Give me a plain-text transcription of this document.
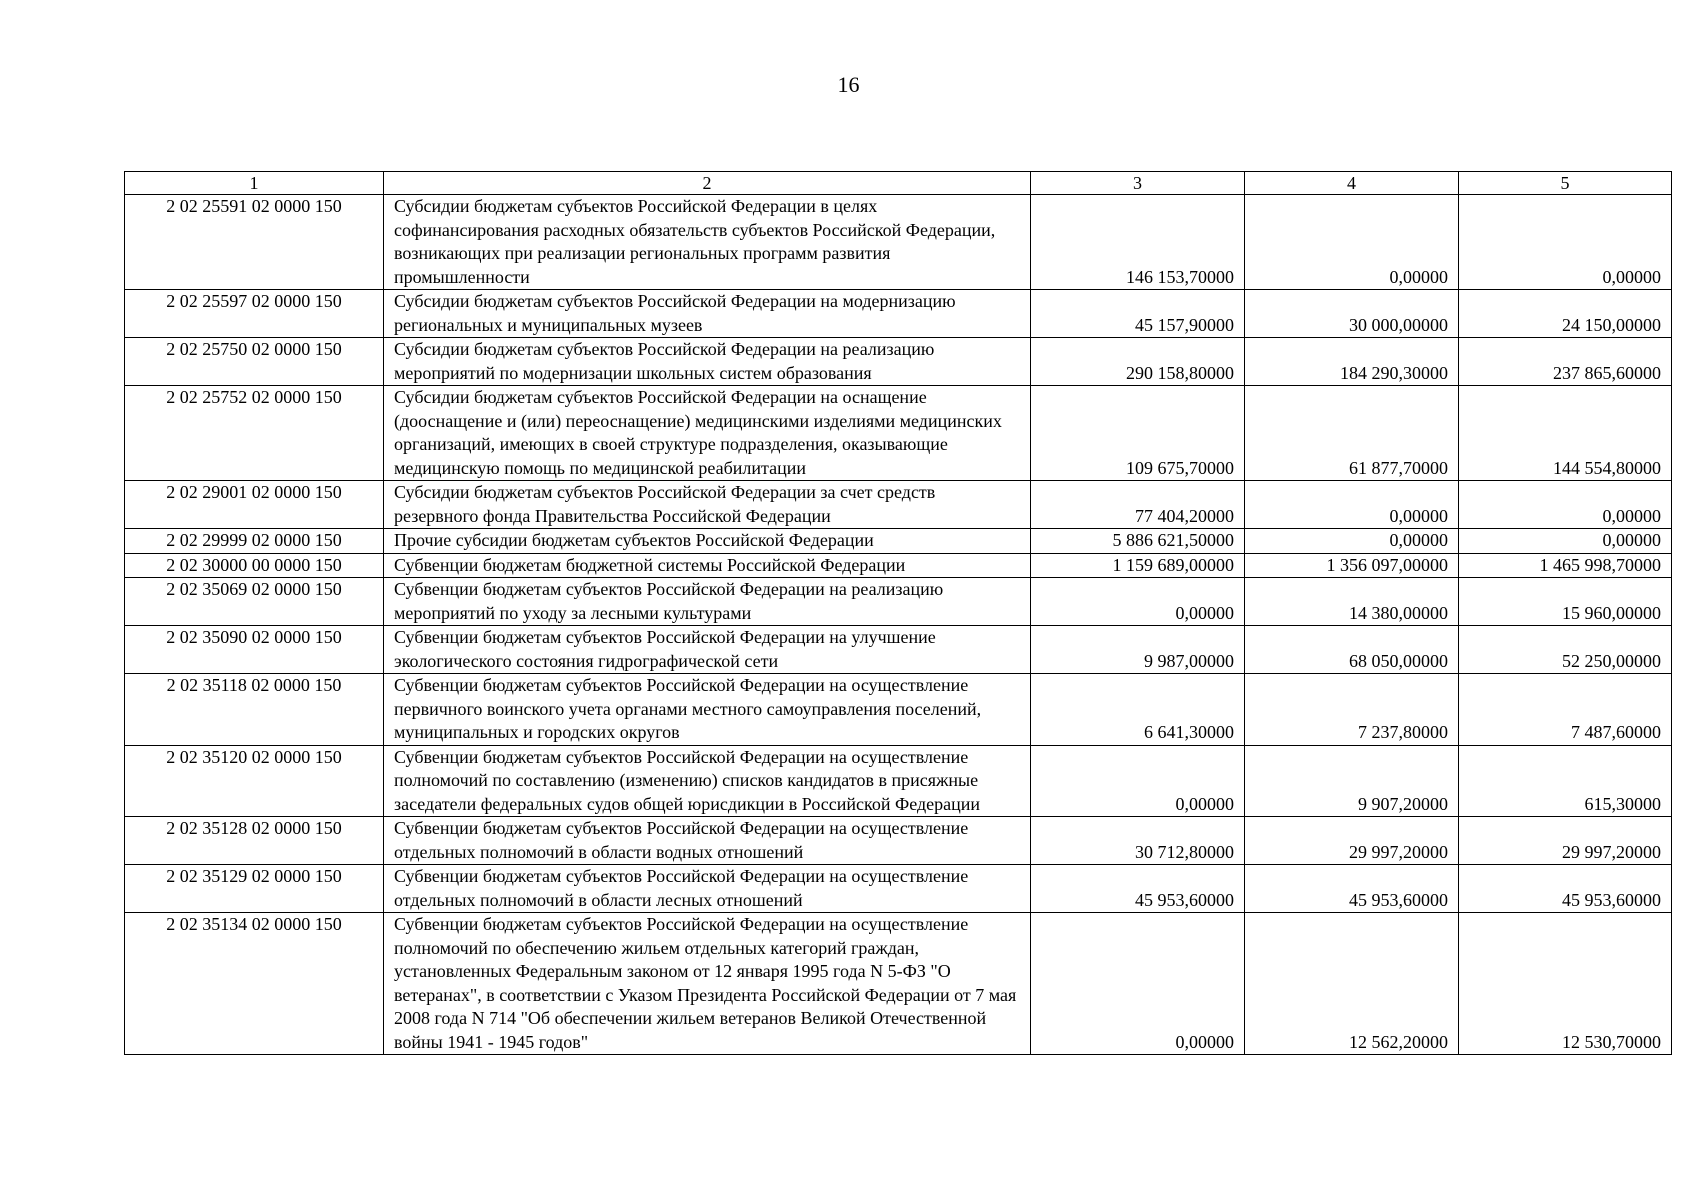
16
1	2	3	4	5
2 02 25591 02 0000 150	Субсидии бюджетам субъектов Российской Федерации в целях софинансирования расходных обязательств субъектов Российской Федерации, возникающих при реализации региональных программ развития промышленности	146 153,70000	0,00000	0,00000
2 02 25597 02 0000 150	Субсидии бюджетам субъектов Российской Федерации на модернизацию региональных и муниципальных музеев	45 157,90000	30 000,00000	24 150,00000
2 02 25750 02 0000 150	Субсидии бюджетам субъектов Российской Федерации на реализацию мероприятий по модернизации школьных систем образования	290 158,80000	184 290,30000	237 865,60000
2 02 25752 02 0000 150	Субсидии бюджетам субъектов Российской Федерации на оснащение (дооснащение и (или) переоснащение) медицинскими изделиями медицинских организаций, имеющих в своей структуре подразделения, оказывающие медицинскую помощь по медицинской реабилитации	109 675,70000	61 877,70000	144 554,80000
2 02 29001 02 0000 150	Субсидии бюджетам субъектов Российской Федерации за счет средств резервного фонда Правительства Российской Федерации	77 404,20000	0,00000	0,00000
2 02 29999 02 0000 150	Прочие субсидии бюджетам субъектов Российской Федерации	5 886 621,50000	0,00000	0,00000
2 02 30000 00 0000 150	Субвенции бюджетам бюджетной системы Российской Федерации	1 159 689,00000	1 356 097,00000	1 465 998,70000
2 02 35069 02 0000 150	Субвенции бюджетам субъектов Российской Федерации на реализацию мероприятий по уходу за лесными культурами	0,00000	14 380,00000	15 960,00000
2 02 35090 02 0000 150	Субвенции бюджетам субъектов Российской Федерации на улучшение экологического состояния гидрографической сети	9 987,00000	68 050,00000	52 250,00000
2 02 35118 02 0000 150	Субвенции бюджетам субъектов Российской Федерации на осуществление первичного воинского учета органами местного самоуправления поселений, муниципальных и городских округов	6 641,30000	7 237,80000	7 487,60000
2 02 35120 02 0000 150	Субвенции бюджетам субъектов Российской Федерации на осуществление полномочий по составлению (изменению) списков кандидатов в присяжные заседатели федеральных судов общей юрисдикции в Российской Федерации	0,00000	9 907,20000	615,30000
2 02 35128 02 0000 150	Субвенции бюджетам субъектов Российской Федерации на осуществление отдельных полномочий в области водных отношений	30 712,80000	29 997,20000	29 997,20000
2 02 35129 02 0000 150	Субвенции бюджетам субъектов Российской Федерации на осуществление отдельных полномочий в области лесных отношений	45 953,60000	45 953,60000	45 953,60000
2 02 35134 02 0000 150	Субвенции бюджетам субъектов Российской Федерации на осуществление полномочий по обеспечению жильем отдельных категорий граждан, установленных Федеральным законом от 12 января 1995 года N 5-ФЗ "О ветеранах", в соответствии с Указом Президента Российской Федерации от 7 мая 2008 года N 714 "Об обеспечении жильем ветеранов Великой Отечественной войны 1941 - 1945 годов"	0,00000	12 562,20000	12 530,70000
